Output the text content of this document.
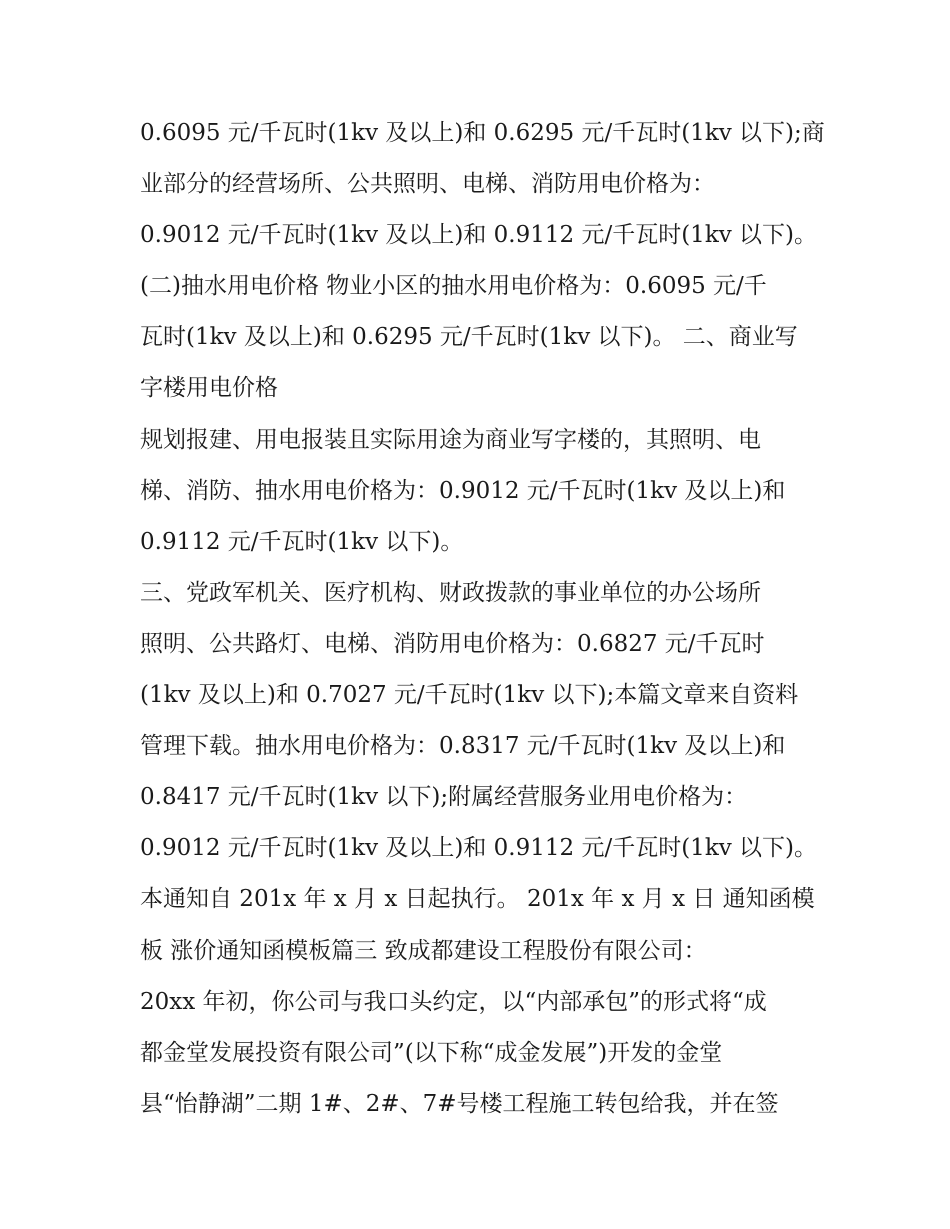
0.6095 元/千瓦时(1kv 及以上)和 0.6295 元/千瓦时(1kv 以下);商
业部分的经营场所、公共照明、电梯、消防用电价格为：
0.9012 元/千瓦时(1kv 及以上)和 0.9112 元/千瓦时(1kv 以下)。
(二)抽水用电价格 物业小区的抽水用电价格为：0.6095 元/千
瓦时(1kv 及以上)和 0.6295 元/千瓦时(1kv 以下)。 二、商业写
字楼用电价格
规划报建、用电报装且实际用途为商业写字楼的，其照明、电
梯、消防、抽水用电价格为：0.9012 元/千瓦时(1kv 及以上)和
0.9112 元/千瓦时(1kv 以下)。
三、党政军机关、医疗机构、财政拨款的事业单位的办公场所
照明、公共路灯、电梯、消防用电价格为：0.6827 元/千瓦时
(1kv 及以上)和 0.7027 元/千瓦时(1kv 以下);本篇文章来自资料
管理下载。抽水用电价格为：0.8317 元/千瓦时(1kv 及以上)和
0.8417 元/千瓦时(1kv 以下);附属经营服务业用电价格为：
0.9012 元/千瓦时(1kv 及以上)和 0.9112 元/千瓦时(1kv 以下)。
本通知自 201x 年 x 月 x 日起执行。 201x 年 x 月 x 日 通知函模
板 涨价通知函模板篇三 致成都建设工程股份有限公司：
20xx 年初，你公司与我口头约定，以“内部承包”的形式将“成
都金堂发展投资有限公司”(以下称“成金发展”)开发的金堂
县“怡静湖”二期 1#、2#、7#号楼工程施工转包给我，并在签
